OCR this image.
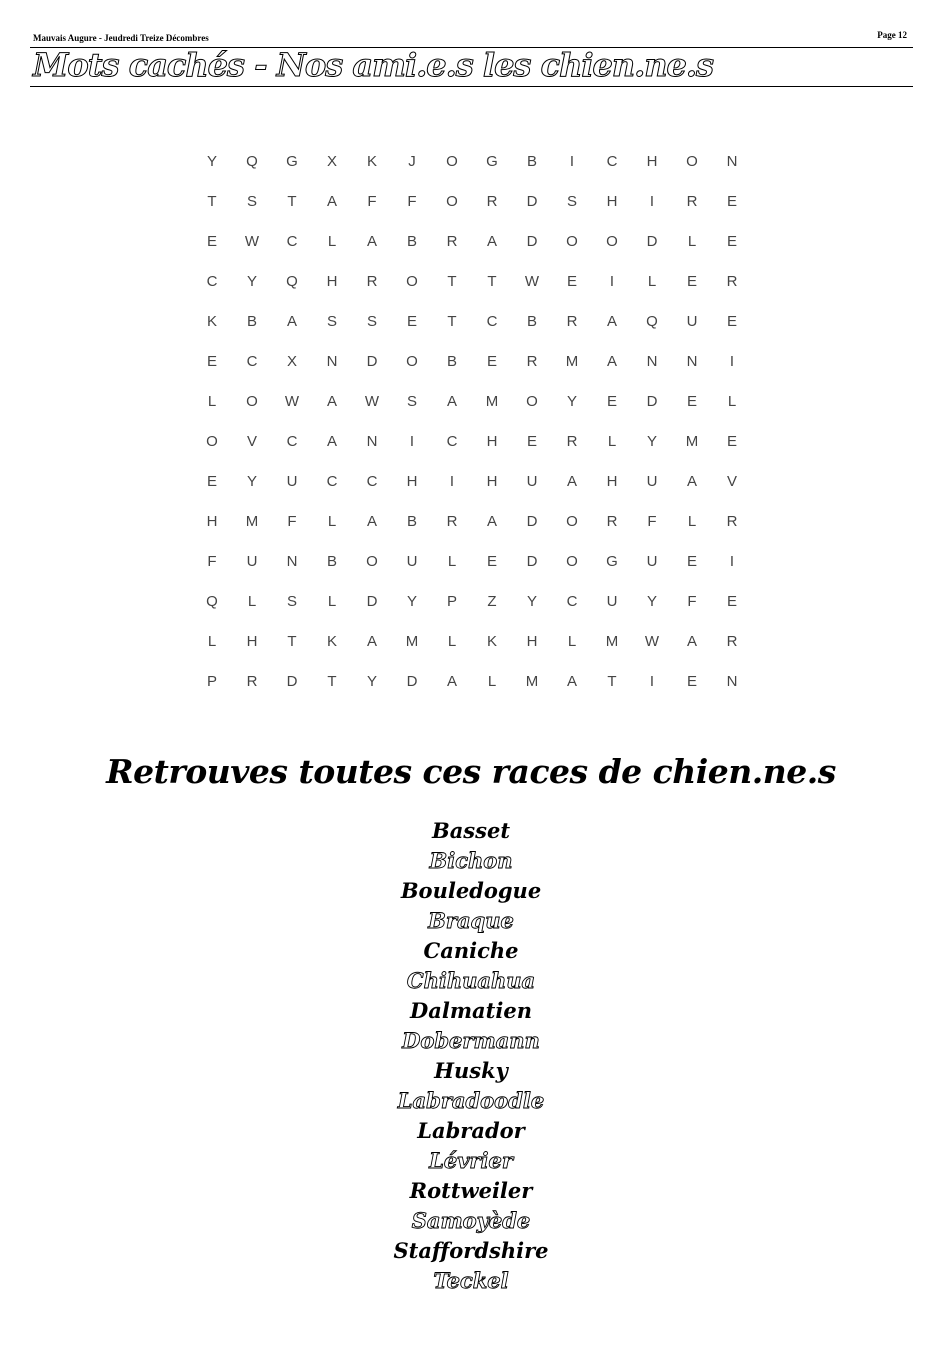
Mauvais Augure - Jeudredi Treize Décombres	Page 12
Mots cachés - Nos ami.e.s les chien.ne.s
Y	Q	G	X	K	J	O	G	B	I	C	H	O	N
T	S	T	A	F	F	O	R	D	S	H	I	R	E
E	W	C	L	A	B	R	A	D	O	O	D	L	E
C	Y	Q	H	R	O	T	T	W	E	I	L	E	R
K	B	A	S	S	E	T	C	B	R	A	Q	U	E
E	C	X	N	D	O	B	E	R	M	A	N	N	I
L	O	W	A	W	S	A	M	O	Y	E	D	E	L
O	V	C	A	N	I	C	H	E	R	L	Y	M	E
E	Y	U	C	C	H	I	H	U	A	H	U	A	V
H	M	F	L	A	B	R	A	D	O	R	F	L	R
F	U	N	B	O	U	L	E	D	O	G	U	E	I
Q	L	S	L	D	Y	P	Z	Y	C	U	Y	F	E
L	H	T	K	A	M	L	K	H	L	M	W	A	R
P	R	D	T	Y	D	A	L	M	A	T	I	E	N
Retrouves toutes ces races de chien.ne.s
Basset
Bichon
Bouledogue
Braque
Caniche
Chihuahua
Dalmatien
Dobermann
Husky
Labradoodle
Labrador
Lévrier
Rottweiler
Samoyède
Staffordshire
Teckel
